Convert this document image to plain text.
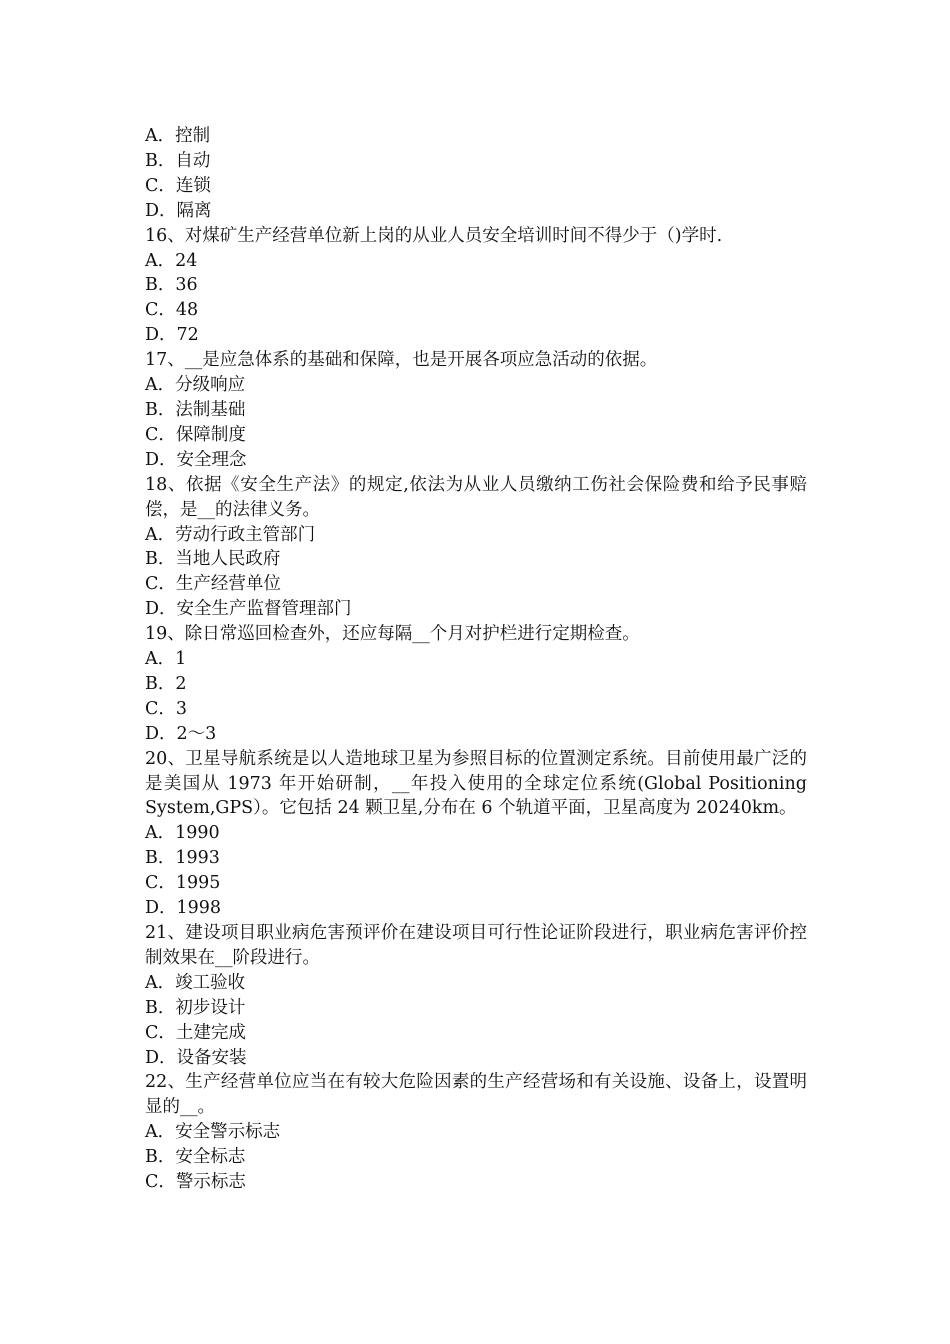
A．控制

B．自动

C．连锁

D．隔离

16、对煤矿生产经营单位新上岗的从业人员安全培训时间不得少于（)学时.

A．24

B．36

C．48

D．72

17、__是应急体系的基础和保障，也是开展各项应急活动的依据。

A．分级响应

B．法制基础

C．保障制度

D．安全理念

18、依据《安全生产法》的规定,依法为从业人员缴纳工伤社会保险费和给予民事赔偿，是__的法律义务。

A．劳动行政主管部门

B．当地人民政府

C．生产经营单位

D．安全生产监督管理部门

19、除日常巡回检查外，还应每隔__个月对护栏进行定期检查。

A．1

B．2

C．3

D．2～3

20、卫星导航系统是以人造地球卫星为参照目标的位置测定系统。目前使用最广泛的是美国从 1973 年开始研制，__年投入使用的全球定位系统(Global Positioning System,GPS）。它包括 24 颗卫星,分布在 6 个轨道平面，卫星高度为 20240km。

A．1990

B．1993

C．1995

D．1998

21、建设项目职业病危害预评价在建设项目可行性论证阶段进行，职业病危害评价控制效果在__阶段进行。

A．竣工验收

B．初步设计

C．土建完成

D．设备安装

22、生产经营单位应当在有较大危险因素的生产经营场和有关设施、设备上，设置明显的__。

A．安全警示标志

B．安全标志

C．警示标志
